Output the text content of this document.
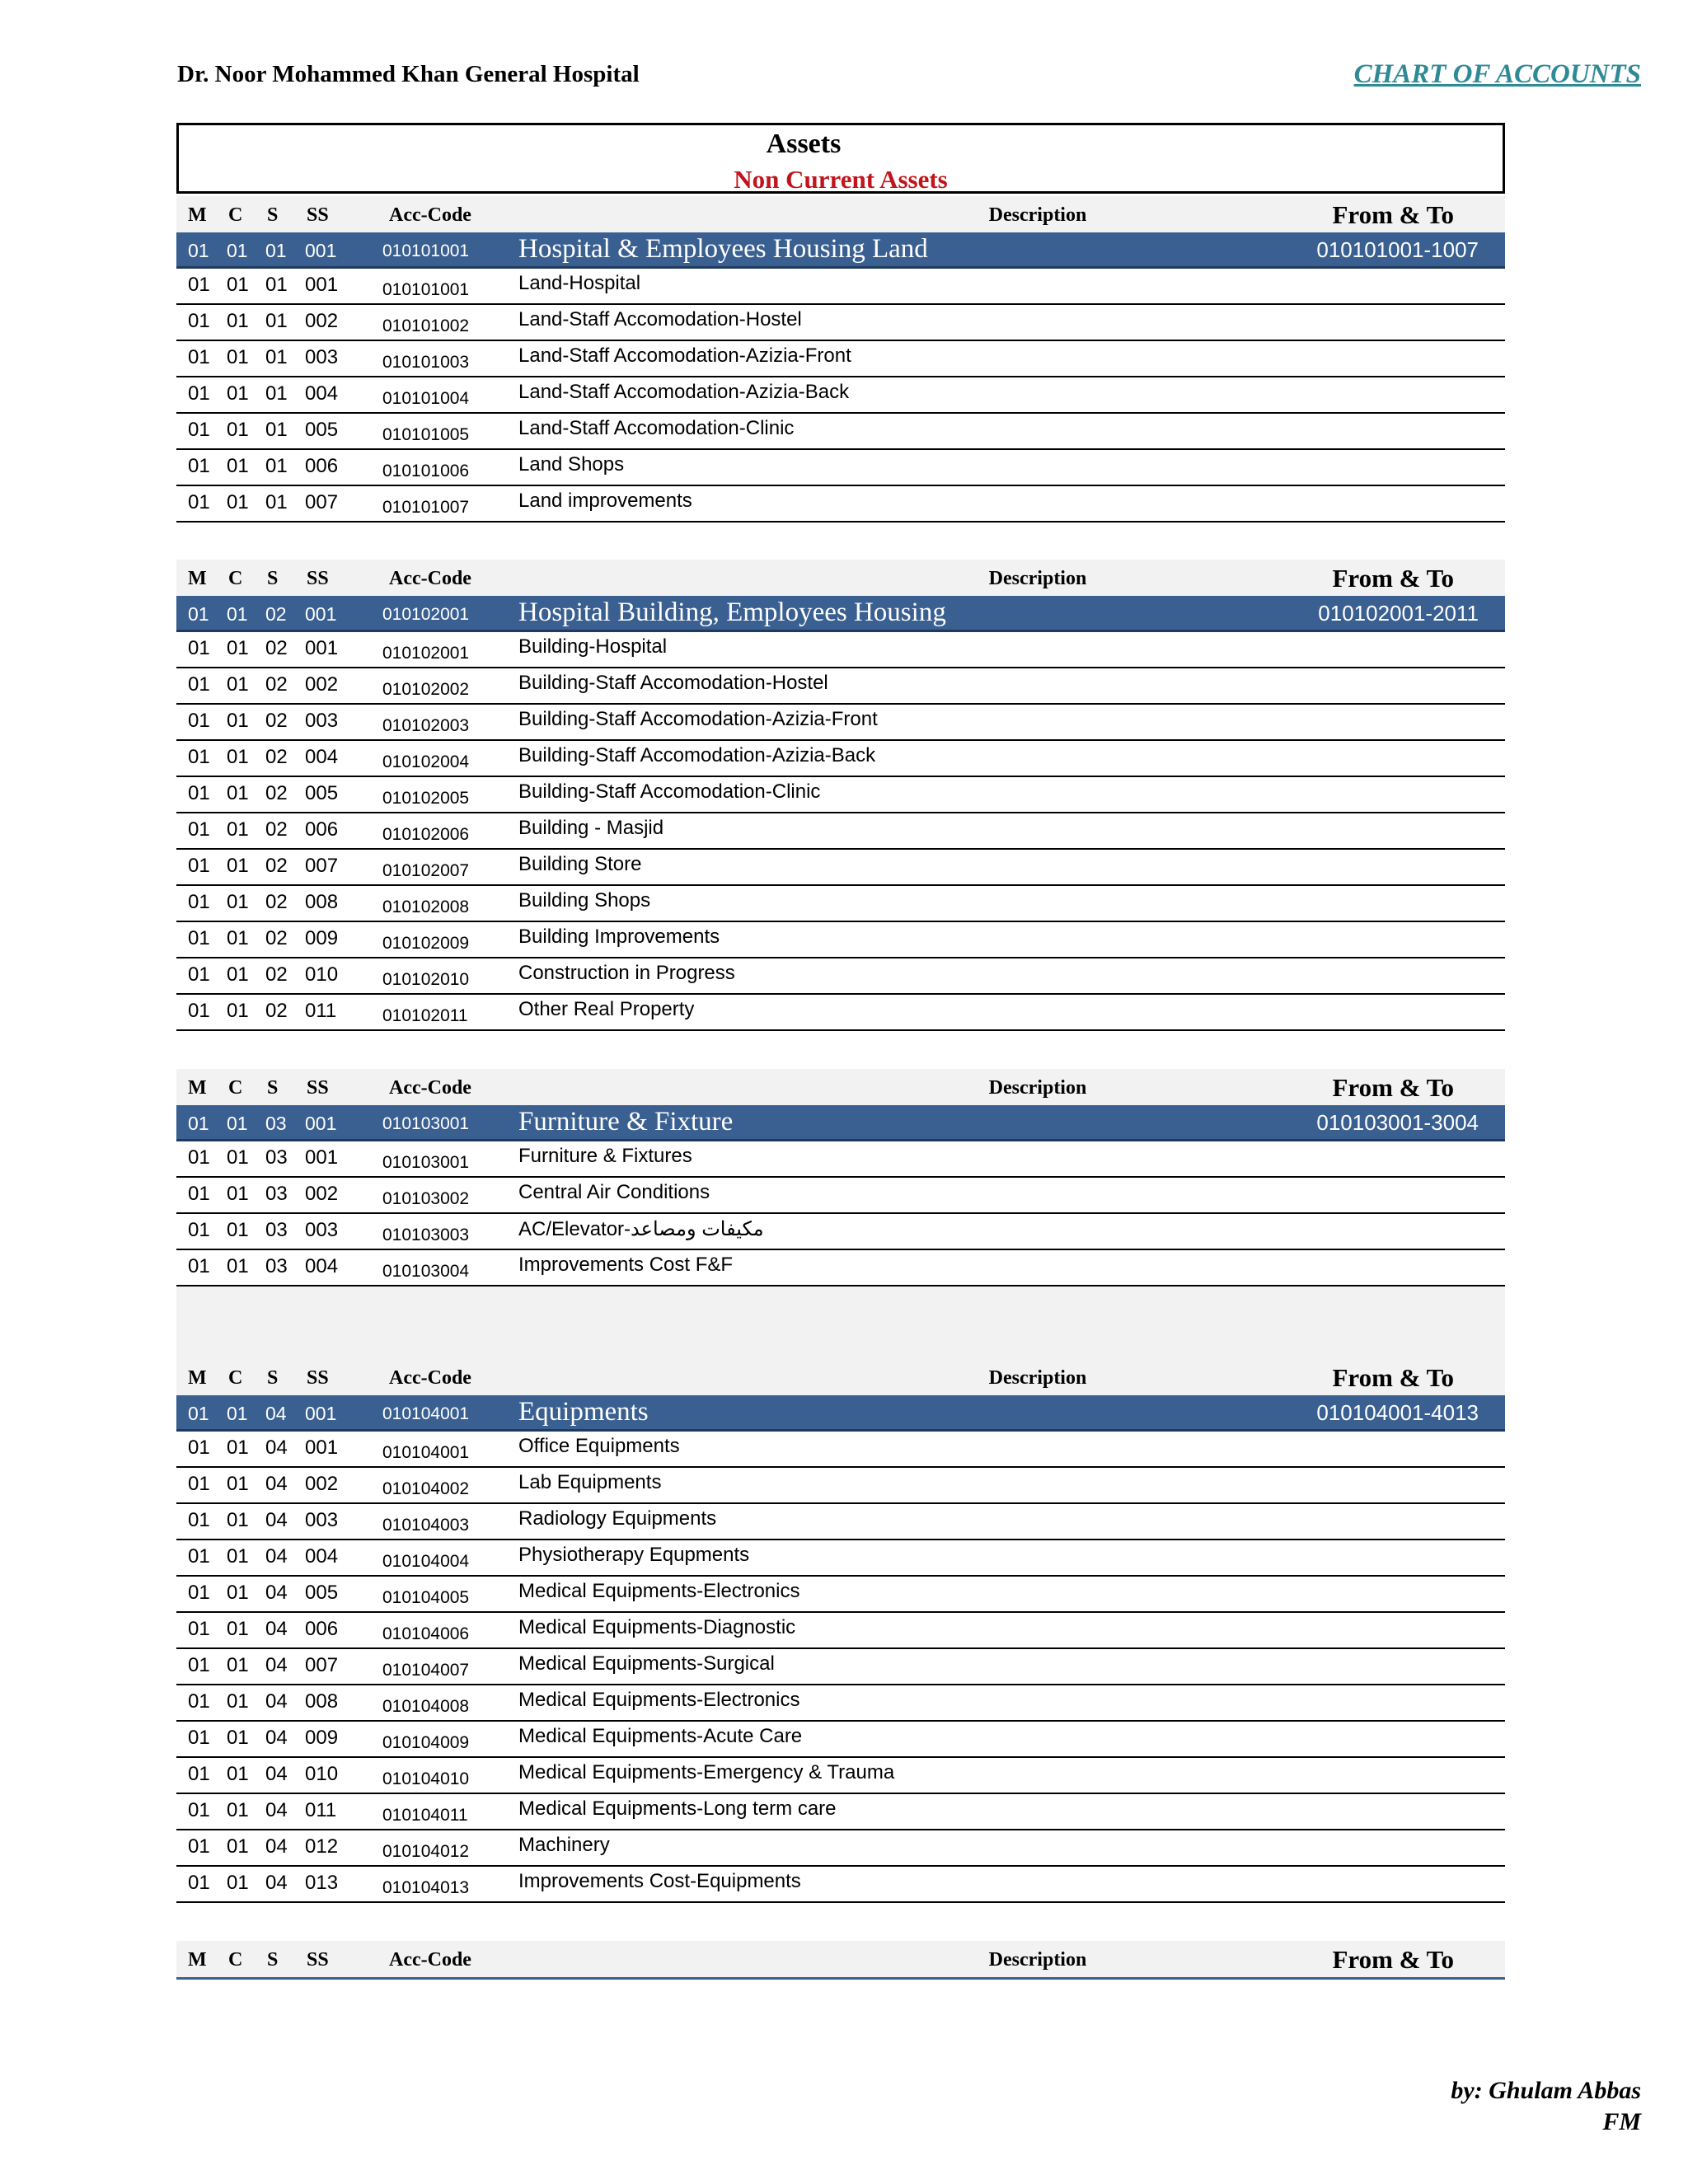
Dr. Noor Mohammed Khan General Hospital	CHART OF ACCOUNTS
Assets
Non Current Assets
M C S SS	Acc-Code	Description	From & To
01 01 01 001	010101001 Hospital & Employees Housing Land	010101001-1007
01 01 01 001	010101001 Land-Hospital
01 01 01 002	010101002 Land-Staff Accomodation-Hostel
01 01 01 003	010101003 Land-Staff Accomodation-Azizia-Front
01 01 01 004	010101004 Land-Staff Accomodation-Azizia-Back
01 01 01 005	010101005 Land-Staff Accomodation-Clinic
01 01 01 006	010101006 Land Shops
01 01 01 007	010101007 Land improvements
M C S SS	Acc-Code	Description	From & To
01 01 02 001	010102001 Hospital Building, Employees Housing	010102001-2011
01 01 02 001	010102001 Building-Hospital
01 01 02 002	010102002 Building-Staff Accomodation-Hostel
01 01 02 003	010102003 Building-Staff Accomodation-Azizia-Front
01 01 02 004	010102004 Building-Staff Accomodation-Azizia-Back
01 01 02 005	010102005 Building-Staff Accomodation-Clinic
01 01 02 006	010102006 Building - Masjid
01 01 02 007	010102007 Building Store
01 01 02 008	010102008 Building Shops
01 01 02 009	010102009 Building Improvements
01 01 02 010	010102010 Construction in Progress
01 01 02 011	010102011	Other Real Property
M C S SS	Acc-Code	Description	From & To
01 01 03 001	010103001 Furniture & Fixture	010103001-3004
01 01 03 001	010103001 Furniture & Fixtures
01 01 03 002	010103002 Central Air Conditions
01 01 03 003	010103003 AC/Elevator-مكيفات ومصاعد
01 01 03 004	010103004 Improvements Cost F&F
M C S SS	Acc-Code	Description	From & To
01 01 04 001	010104001 Equipments	010104001-4013
01 01 04 001	010104001 Office Equipments
01 01 04 002	010104002 Lab Equipments
01 01 04 003	010104003 Radiology Equipments
01 01 04 004	010104004 Physiotherapy Equpments
01 01 04 005	010104005 Medical Equipments-Electronics
01 01 04 006	010104006 Medical Equipments-Diagnostic
01 01 04 007	010104007 Medical Equipments-Surgical
01 01 04 008	010104008 Medical Equipments-Electronics
01 01 04 009	010104009 Medical Equipments-Acute Care
01 01 04 010	010104010 Medical Equipments-Emergency & Trauma
01 01 04 011	010104011	Medical Equipments-Long term care
01 01 04 012	010104012 Machinery
01 01 04 013	010104013 Improvements Cost-Equipments
M C S SS	Acc-Code	Description	From & To
by: Ghulam Abbas
FM
